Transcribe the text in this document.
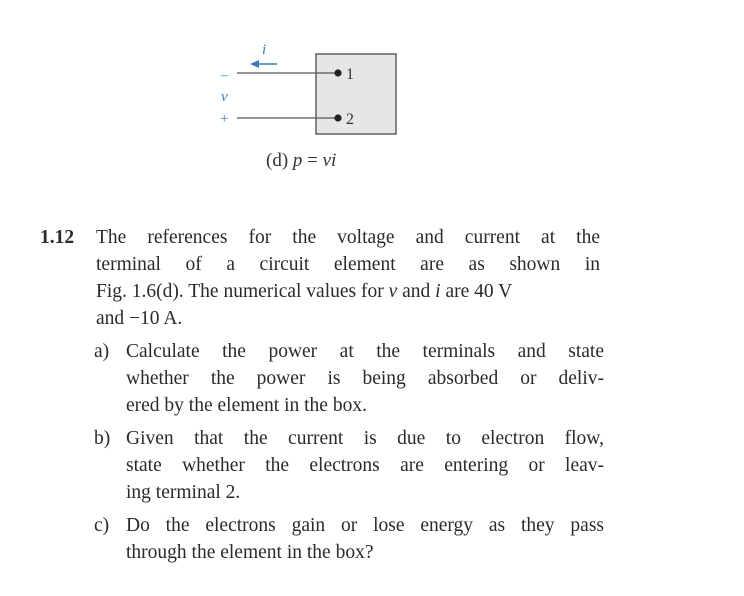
i
–
v
+
1
2
(d) p = vi
1.12 The references for the voltage and current at the
terminal of a circuit element are as shown in
Fig. 1.6(d). The numerical values for v and i are 40 V
and −10 A.
a) Calculate the power at the terminals and state
whether the power is being absorbed or deliv-
ered by the element in the box.
b) Given that the current is due to electron flow,
state whether the electrons are entering or leav-
ing terminal 2.
c) Do the electrons gain or lose energy as they pass
through the element in the box?
